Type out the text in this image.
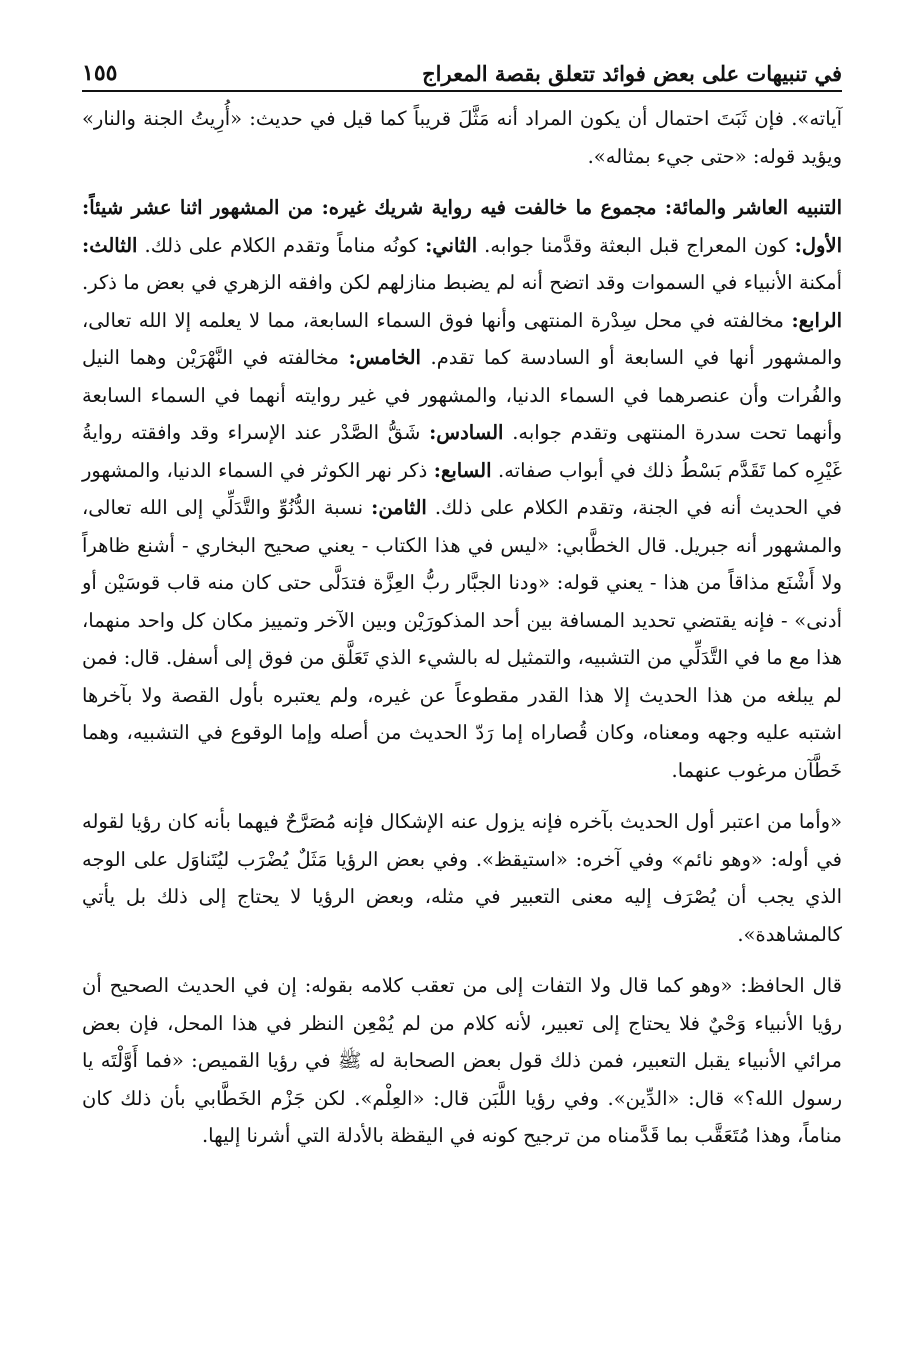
في تنبيهات على بعض فوائد تتعلق بقصة المعراج
١٥٥

آياته». فإن ثَبَتَ احتمال أن يكون المراد أنه مَثَّلَ قريباً كما قيل في حديث: «أُرِيتُ الجنة والنار» ويؤيد قوله: «حتى جيء بمثاله».

التنبيه العاشر والمائة: مجموع ما خالفت فيه رواية شريك غيره: من المشهور اثنا عشر شيئاً: الأول: كون المعراج قبل البعثة وقدَّمنا جوابه. الثاني: كونُه مناماً وتقدم الكلام على ذلك. الثالث: أمكنة الأنبياء في السموات وقد اتضح أنه لم يضبط منازلهم لكن وافقه الزهري في بعض ما ذكر. الرابع: مخالفته في محل سِدْرة المنتهى وأنها فوق السماء السابعة، مما لا يعلمه إلا الله تعالى، والمشهور أنها في السابعة أو السادسة كما تقدم. الخامس: مخالفته في النَّهْرَيْن وهما النيل والفُرات وأن عنصرهما في السماء الدنيا، والمشهور في غير روايته أنهما في السماء السابعة وأنهما تحت سدرة المنتهى وتقدم جوابه. السادس: شَقُّ الصَّدْر عند الإسراء وقد وافقته روايةُ غَيْرِه كما تَقَدَّم بَسْطُ ذلك في أبواب صفاته. السابع: ذكر نهر الكوثر في السماء الدنيا، والمشهور في الحديث أنه في الجنة، وتقدم الكلام على ذلك. الثامن: نسبة الدُّنُوِّ والتَّدَلِّي إلى الله تعالى، والمشهور أنه جبريل. قال الخطَّابي: «ليس في هذا الكتاب - يعني صحيح البخاري - أشنع ظاهراً ولا أَشْنَع مذاقاً من هذا - يعني قوله: «ودنا الجبَّار ربُّ العِزَّة فتدَلَّى حتى كان منه قاب قوسَيْن أو أدنى» - فإنه يقتضي تحديد المسافة بين أحد المذكورَيْن وبين الآخر وتمييز مكان كل واحد منهما، هذا مع ما في التَّدَلِّي من التشبيه، والتمثيل له بالشيء الذي تَعَلَّق من فوق إلى أسفل. قال: فمن لم يبلغه من هذا الحديث إلا هذا القدر مقطوعاً عن غيره، ولم يعتبره بأول القصة ولا بآخرها اشتبه عليه وجهه ومعناه، وكان قُصاراه إما رَدّ الحديث من أصله وإما الوقوع في التشبيه، وهما خَطَّآن مرغوب عنهما.

«وأما من اعتبر أول الحديث بآخره فإنه يزول عنه الإشكال فإنه مُصَرَّحٌ فيهما بأنه كان رؤيا لقوله في أوله: «وهو نائم» وفي آخره: «استيقظ». وفي بعض الرؤيا مَثَلٌ يُضْرَب ليُتَناوَل على الوجه الذي يجب أن يُصْرَف إليه معنى التعبير في مثله، وبعض الرؤيا لا يحتاج إلى ذلك بل يأتي كالمشاهدة».

قال الحافظ: «وهو كما قال ولا التفات إلى من تعقب كلامه بقوله: إن في الحديث الصحيح أن رؤيا الأنبياء وَحْيٌ فلا يحتاج إلى تعبير، لأنه كلام من لم يُمْعِن النظر في هذا المحل، فإن بعض مرائي الأنبياء يقبل التعبير، فمن ذلك قول بعض الصحابة له ﷺ في رؤيا القميص: «فما أَوَّلْتَه يا رسول الله؟» قال: «الدِّين». وفي رؤيا اللَّبَن قال: «العِلْم». لكن جَزْم الخَطَّابي بأن ذلك كان مناماً، وهذا مُتَعَقَّب بما قَدَّمناه من ترجيح كونه في اليقظة بالأدلة التي أشرنا إليها.
